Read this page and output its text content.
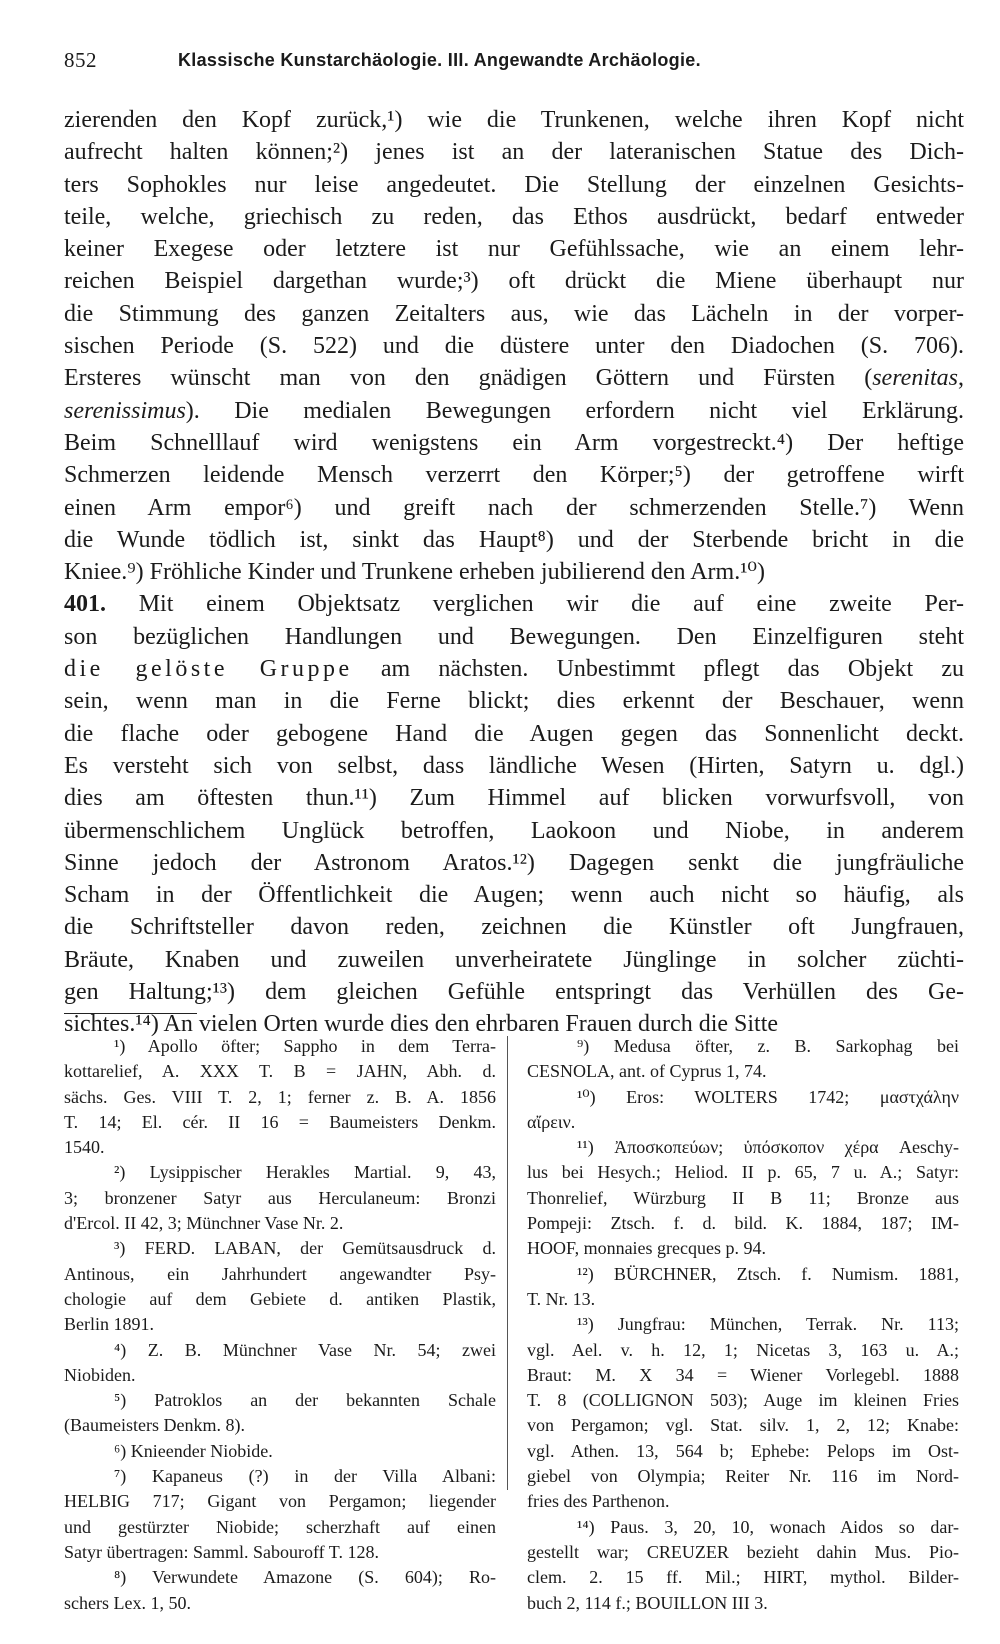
852	Klassische Kunstarchäologie. III. Angewandte Archäologie.
zierenden den Kopf zurück,¹) wie die Trunkenen, welche ihren Kopf nicht
aufrecht halten können;²) jenes ist an der lateranischen Statue des Dich-
ters Sophokles nur leise angedeutet. Die Stellung der einzelnen Gesichts-
teile, welche, griechisch zu reden, das Ethos ausdrückt, bedarf entweder
keiner Exegese oder letztere ist nur Gefühlssache, wie an einem lehr-
reichen Beispiel dargethan wurde;³) oft drückt die Miene überhaupt nur
die Stimmung des ganzen Zeitalters aus, wie das Lächeln in der vorper-
sischen Periode (S. 522) und die düstere unter den Diadochen (S. 706).
Ersteres wünscht man von den gnädigen Göttern und Fürsten (serenitas,
serenissimus). Die medialen Bewegungen erfordern nicht viel Erklärung.
Beim Schnelllauf wird wenigstens ein Arm vorgestreckt.⁴) Der heftige
Schmerzen leidende Mensch verzerrt den Körper;⁵) der getroffene wirft
einen Arm empor⁶) und greift nach der schmerzenden Stelle.⁷) Wenn
die Wunde tödlich ist, sinkt das Haupt⁸) und der Sterbende bricht in die
Kniee.⁹) Fröhliche Kinder und Trunkene erheben jubilierend den Arm.¹⁰)
401. Mit einem Objektsatz verglichen wir die auf eine zweite Per-
son bezüglichen Handlungen und Bewegungen. Den Einzelfiguren steht
die gelöste Gruppe am nächsten. Unbestimmt pflegt das Objekt zu
sein, wenn man in die Ferne blickt; dies erkennt der Beschauer, wenn
die flache oder gebogene Hand die Augen gegen das Sonnenlicht deckt.
Es versteht sich von selbst, dass ländliche Wesen (Hirten, Satyrn u. dgl.)
dies am öftesten thun.¹¹) Zum Himmel auf blicken vorwurfsvoll, von
übermenschlichem Unglück betroffen, Laokoon und Niobe, in anderem
Sinne jedoch der Astronom Aratos.¹²) Dagegen senkt die jungfräuliche
Scham in der Öffentlichkeit die Augen; wenn auch nicht so häufig, als
die Schriftsteller davon reden, zeichnen die Künstler oft Jungfrauen,
Bräute, Knaben und zuweilen unverheiratete Jünglinge in solcher züchti-
gen Haltung;¹³) dem gleichen Gefühle entspringt das Verhüllen des Ge-
sichtes.¹⁴) An vielen Orten wurde dies den ehrbaren Frauen durch die Sitte
¹) Apollo öfter; Sappho in dem Terra-
kottarelief, A. XXX T. B = JAHN, Abh. d.
sächs. Ges. VIII T. 2, 1; ferner z. B. A. 1856
T. 14; El. cér. II 16 = Baumeisters Denkm.
1540.
²) Lysippischer Herakles Martial. 9, 43,
3; bronzener Satyr aus Herculaneum: Bronzi
d'Ercol. II 42, 3; Münchner Vase Nr. 2.
³) FERD. LABAN, der Gemütsausdruck d.
Antinous, ein Jahrhundert angewandter Psy-
chologie auf dem Gebiete d. antiken Plastik,
Berlin 1891.
⁴) Z. B. Münchner Vase Nr. 54; zwei
Niobiden.
⁵) Patroklos an der bekannten Schale
(Baumeisters Denkm. 8).
⁶) Knieender Niobide.
⁷) Kapaneus (?) in der Villa Albani:
HELBIG 717; Gigant von Pergamon; liegender
und gestürzter Niobide; scherzhaft auf einen
Satyr übertragen: Samml. Sabouroff T. 128.
⁸) Verwundete Amazone (S. 604); Ro-
schers Lex. 1, 50.
⁹) Medusa öfter, z. B. Sarkophag bei
CESNOLA, ant. of Cyprus 1, 74.
¹⁰) Eros: WOLTERS 1742; μαστχάλην
αἴρειν.
¹¹) Ἀποσκοπεύων; ὑπόσκοπον χέρα Aeschy-
lus bei Hesych.; Heliod. II p. 65, 7 u. A.; Satyr:
Thonrelief, Würzburg II B 11; Bronze aus
Pompeji: Ztsch. f. d. bild. K. 1884, 187; IM-
HOOF, monnaies grecques p. 94.
¹²) BÜRCHNER, Ztsch. f. Numism. 1881,
T. Nr. 13.
¹³) Jungfrau: München, Terrak. Nr. 113;
vgl. Ael. v. h. 12, 1; Nicetas 3, 163 u. A.;
Braut: M. X 34 = Wiener Vorlegebl. 1888
T. 8 (COLLIGNON 503); Auge im kleinen Fries
von Pergamon; vgl. Stat. silv. 1, 2, 12; Knabe:
vgl. Athen. 13, 564 b; Ephebe: Pelops im Ost-
giebel von Olympia; Reiter Nr. 116 im Nord-
fries des Parthenon.
¹⁴) Paus. 3, 20, 10, wonach Aidos so dar-
gestellt war; CREUZER bezieht dahin Mus. Pio-
clem. 2. 15 ff. Mil.; HIRT, mythol. Bilder-
buch 2, 114 f.; BOUILLON III 3.
